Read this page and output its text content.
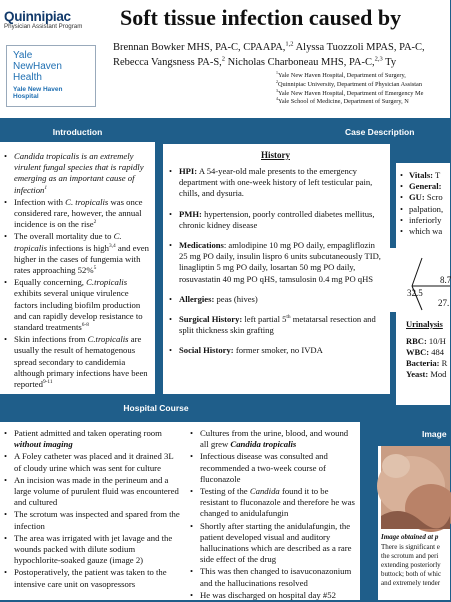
Quinnipiac
Physician Assistant Program
Yale
NewHaven
Health
Yale New Haven Hospital
Soft tissue infection caused by
Brennan Bowker MHS, PA-C, CPAAPA,$^{1,2}$ Alyssa Tuozzoli MPAS, PA-C,
Rebecca Vangsness PA-S,$^2$ Nicholas Charboneau MHS, PA-C,$^{2,3}$ Ty
$^1$Yale New Haven Hospital, Department of Surgery,
$^2$Quinnipiac University, Department of Physician Assistan
$^3$Yale New Haven Hospital, Department of Emergency Me
$^4$Yale School of Medicine, Department of Surgery, N
Introduction
• Candida tropicalis is an extremely virulent fungal species that is rapidly emerging as an important cause of infection$^1$
• Infection with C. tropicalis was once considered rare, however, the annual incidence is on the rise$^2$
• The overall mortality due to C. tropicalis infections is high$^{3,4}$ and even higher in the cases of fungemia with rates approaching 52%$^5$
• Equally concerning, C.tropicalis exhibits several unique virulence factors including biofilm production and can rapidly develop resistance to standard treatments$^{6-8}$
• Skin infections from C.tropicalis are usually the result of hematogenous spread secondary to candidemia although primary infections have been reported$^{9-11}$
Case Description
History

• HPI: A 54-year-old male presents to the emergency department with one-week history of left testicular pain, chills, and dysuria.

• PMH: hypertension, poorly controlled diabetes mellitus, chronic kidney disease

• Medications: amlodipine 10 mg PO daily, empagliflozin 25 mg PO daily, insulin lispro 6 units subcutaneously TID, linagliptin 5 mg PO daily, losartan 50 mg PO daily, rosuvastatin 40 mg PO qHS, tamsulosin 0.4 mg PO qHS

• Allergies: peas (hives)

• Surgical History: left partial 5th metatarsal resection and split thickness skin grafting

• Social History: former smoker, no IVDA

• Vitals: T

• General:

• GU: Scro

• palpation,

• inferiorly

• which wa

8.7
32.5
27.

Urinalysis

RBC: 10/H

WBC: 484

Bacteria: R

Yeast: Mod

Hospital Course
• Patient admitted and taken operating room without imaging
• A Foley catheter was placed and it drained 3L of cloudy urine which was sent for culture
• An incision was made in the perineum and a large volume of purulent fluid was encountered and cultured
• The scrotum was inspected and spared from the infection
• The area was irrigated with jet lavage and the wounds packed with dilute sodium hypochlorite-soaked gauze (image 2)
• Postoperatively, the patient was taken to the intensive care unit on vasopressors
• Cultures from the urine, blood, and wound all grew Candida tropicalis
• Infectious disease was consulted and recommended a two-week course of fluconazole
• Testing of the Candida found it to be resistant to fluconazole and therefore he was changed to anidulafungin
• Shortly after starting the anidulafungin, the patient developed visual and auditory hallucinations which are described as a rare side effect of the drug
• This was then changed to isavuconazonium and the hallucinations resolved
• He was discharged on hospital day #52
Image
Image obtained at p
There is significant e
the scrotum and peri
extending posteriorly
buttock; both of whic
and extremely tender
